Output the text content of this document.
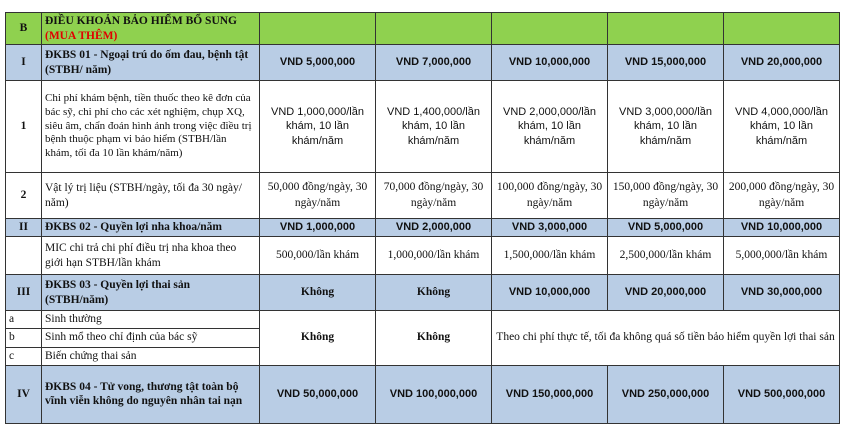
B	ĐIỀU KHOẢN BẢO HIỂM BỔ SUNG
(MUA THÊM)					

I	ĐKBS 01 - Ngoại trú do ốm đau, bệnh tật (STBH/ năm)	VND 5,000,000	VND 7,000,000	VND 10,000,000	VND 15,000,000	VND 20,000,000
1	Chi phí khám bệnh, tiền thuốc theo kê đơn của bác sỹ, chi phí cho các xét nghiệm, chụp XQ, siêu âm, chẩn đoán hình ảnh trong việc điều trị bệnh thuộc phạm vi bảo hiểm (STBH/lần khám, tối đa 10 lần khám/năm)	VND 1,000,000/lần khám, 10 lần khám/năm	VND 1,400,000/lần khám, 10 lần khám/năm	VND 2,000,000/lần khám, 10 lần khám/năm	VND 3,000,000/lần khám, 10 lần khám/năm	VND 4,000,000/lần khám, 10 lần khám/năm
2	Vật lý trị liệu (STBH/ngày, tối đa 30 ngày/ năm)	50,000 đồng/ngày, 30 ngày/năm	70,000 đồng/ngày, 30 ngày/năm	100,000 đồng/ngày, 30 ngày/năm	150,000 đồng/ngày, 30 ngày/năm	200,000 đồng/ngày, 30 ngày/năm
II	ĐKBS 02 - Quyền lợi nha khoa/năm	VND 1,000,000	VND 2,000,000	VND 3,000,000	VND 5,000,000	VND 10,000,000
	MIC chi trả chi phí điều trị nha khoa theo giới hạn STBH/lần khám	500,000/lần khám	1,000,000/lần khám	1,500,000/lần khám	2,500,000/lần khám	5,000,000/lần khám
III	ĐKBS 03 - Quyền lợi thai sản (STBH/năm)	Không	Không	VND 10,000,000	VND 20,000,000	VND 30,000,000
a	Sinh thường	Không	Không	Theo chi phí thực tế, tối đa không quá số tiền bảo hiểm quyền lợi thai sản		
b	Sinh mổ theo chỉ định của bác sỹ					
c	Biến chứng thai sản					
IV	ĐKBS 04 - Tử vong, thương tật toàn bộ vĩnh viễn không do nguyên nhân tai nạn	VND 50,000,000	VND 100,000,000	VND 150,000,000	VND 250,000,000	VND 500,000,000
